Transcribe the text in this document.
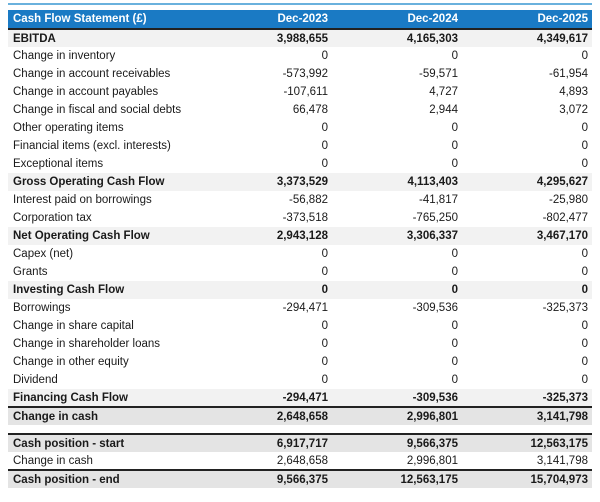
Cash Flow Statement (£)	Dec-2023	Dec-2024	Dec-2025
EBITDA	3,988,655	4,165,303	4,349,617
Change in inventory	0	0	0
Change in account receivables	-573,992	-59,571	-61,954
Change in account payables	-107,611	4,727	4,893
Change in fiscal and social debts	66,478	2,944	3,072
Other operating items	0	0	0
Financial items (excl. interests)	0	0	0
Exceptional items	0	0	0
Gross Operating Cash Flow	3,373,529	4,113,403	4,295,627
Interest paid on borrowings	-56,882	-41,817	-25,980
Corporation tax	-373,518	-765,250	-802,477
Net Operating Cash Flow	2,943,128	3,306,337	3,467,170
Capex (net)	0	0	0
Grants	0	0	0
Investing Cash Flow	0	0	0
Borrowings	-294,471	-309,536	-325,373
Change in share capital	0	0	0
Change in shareholder loans	0	0	0
Change in other equity	0	0	0
Dividend	0	0	0
Financing Cash Flow	-294,471	-309,536	-325,373
Change in cash	2,648,658	2,996,801	3,141,798
Cash position - start	6,917,717	9,566,375	12,563,175
Change in cash	2,648,658	2,996,801	3,141,798
Cash position - end	9,566,375	12,563,175	15,704,973
